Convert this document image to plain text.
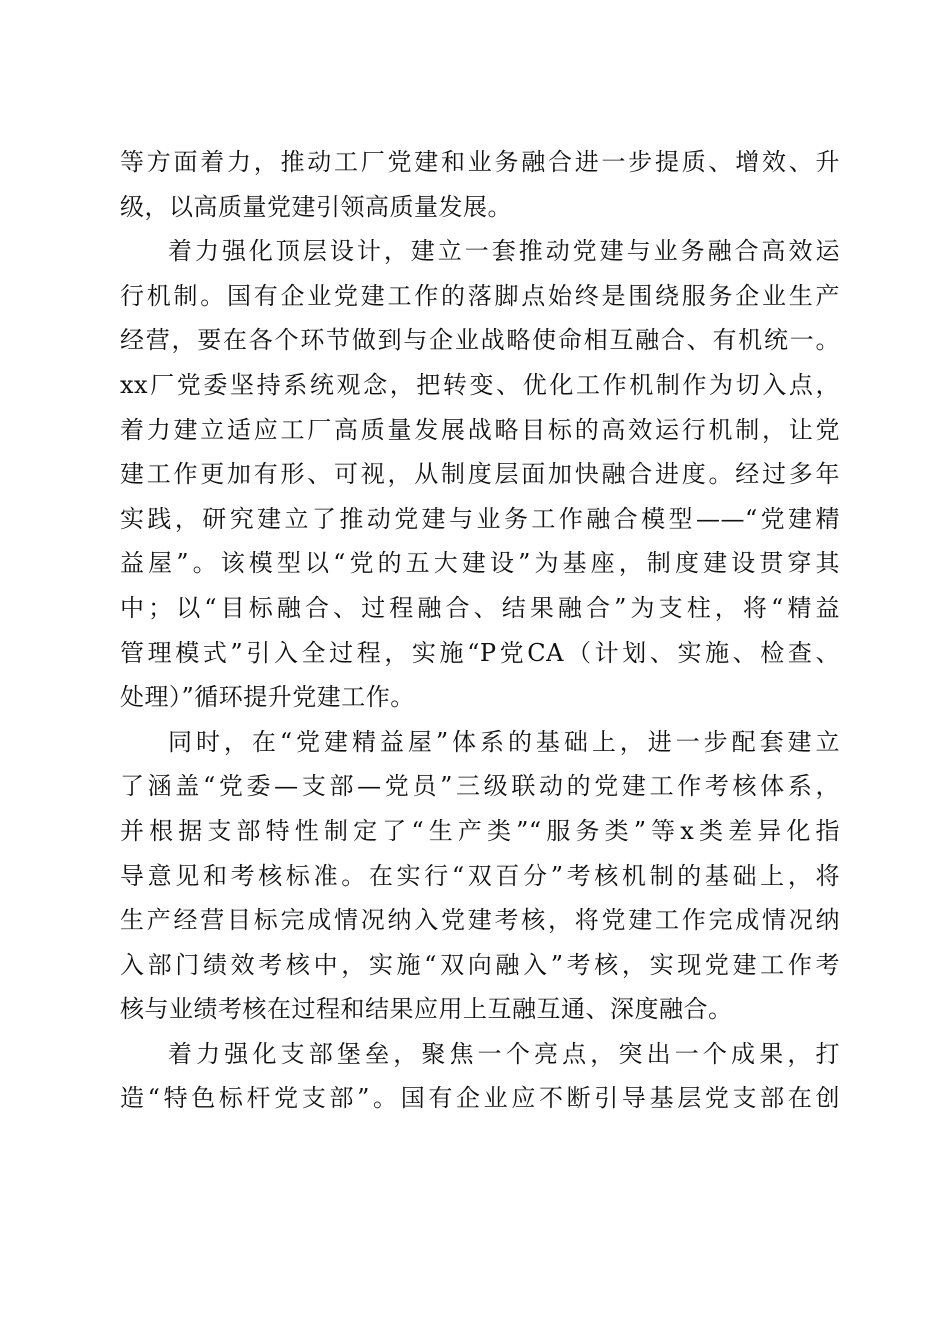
等方面着力，推动工厂党建和业务融合进一步提质、增效、升
级，以高质量党建引领高质量发展。
着力强化顶层设计，建立一套推动党建与业务融合高效运
行机制。国有企业党建工作的落脚点始终是围绕服务企业生产
经营，要在各个环节做到与企业战略使命相互融合、有机统一。
xx厂党委坚持系统观念，把转变、优化工作机制作为切入点，
着力建立适应工厂高质量发展战略目标的高效运行机制，让党
建工作更加有形、可视，从制度层面加快融合进度。经过多年
实践，研究建立了推动党建与业务工作融合模型——“党建精
益屋”。该模型以“党的五大建设”为基座，制度建设贯穿其
中；以“目标融合、过程融合、结果融合”为支柱，将“精益
管理模式”引入全过程，实施“P党CA（计划、实施、检查、
处理）”循环提升党建工作。
同时，在“党建精益屋”体系的基础上，进一步配套建立
了涵盖“党委—支部—党员”三级联动的党建工作考核体系，
并根据支部特性制定了“生产类”“服务类”等x类差异化指
导意见和考核标准。在实行“双百分”考核机制的基础上，将
生产经营目标完成情况纳入党建考核，将党建工作完成情况纳
入部门绩效考核中，实施“双向融入”考核，实现党建工作考
核与业绩考核在过程和结果应用上互融互通、深度融合。
着力强化支部堡垒，聚焦一个亮点，突出一个成果，打
造“特色标杆党支部”。国有企业应不断引导基层党支部在创
